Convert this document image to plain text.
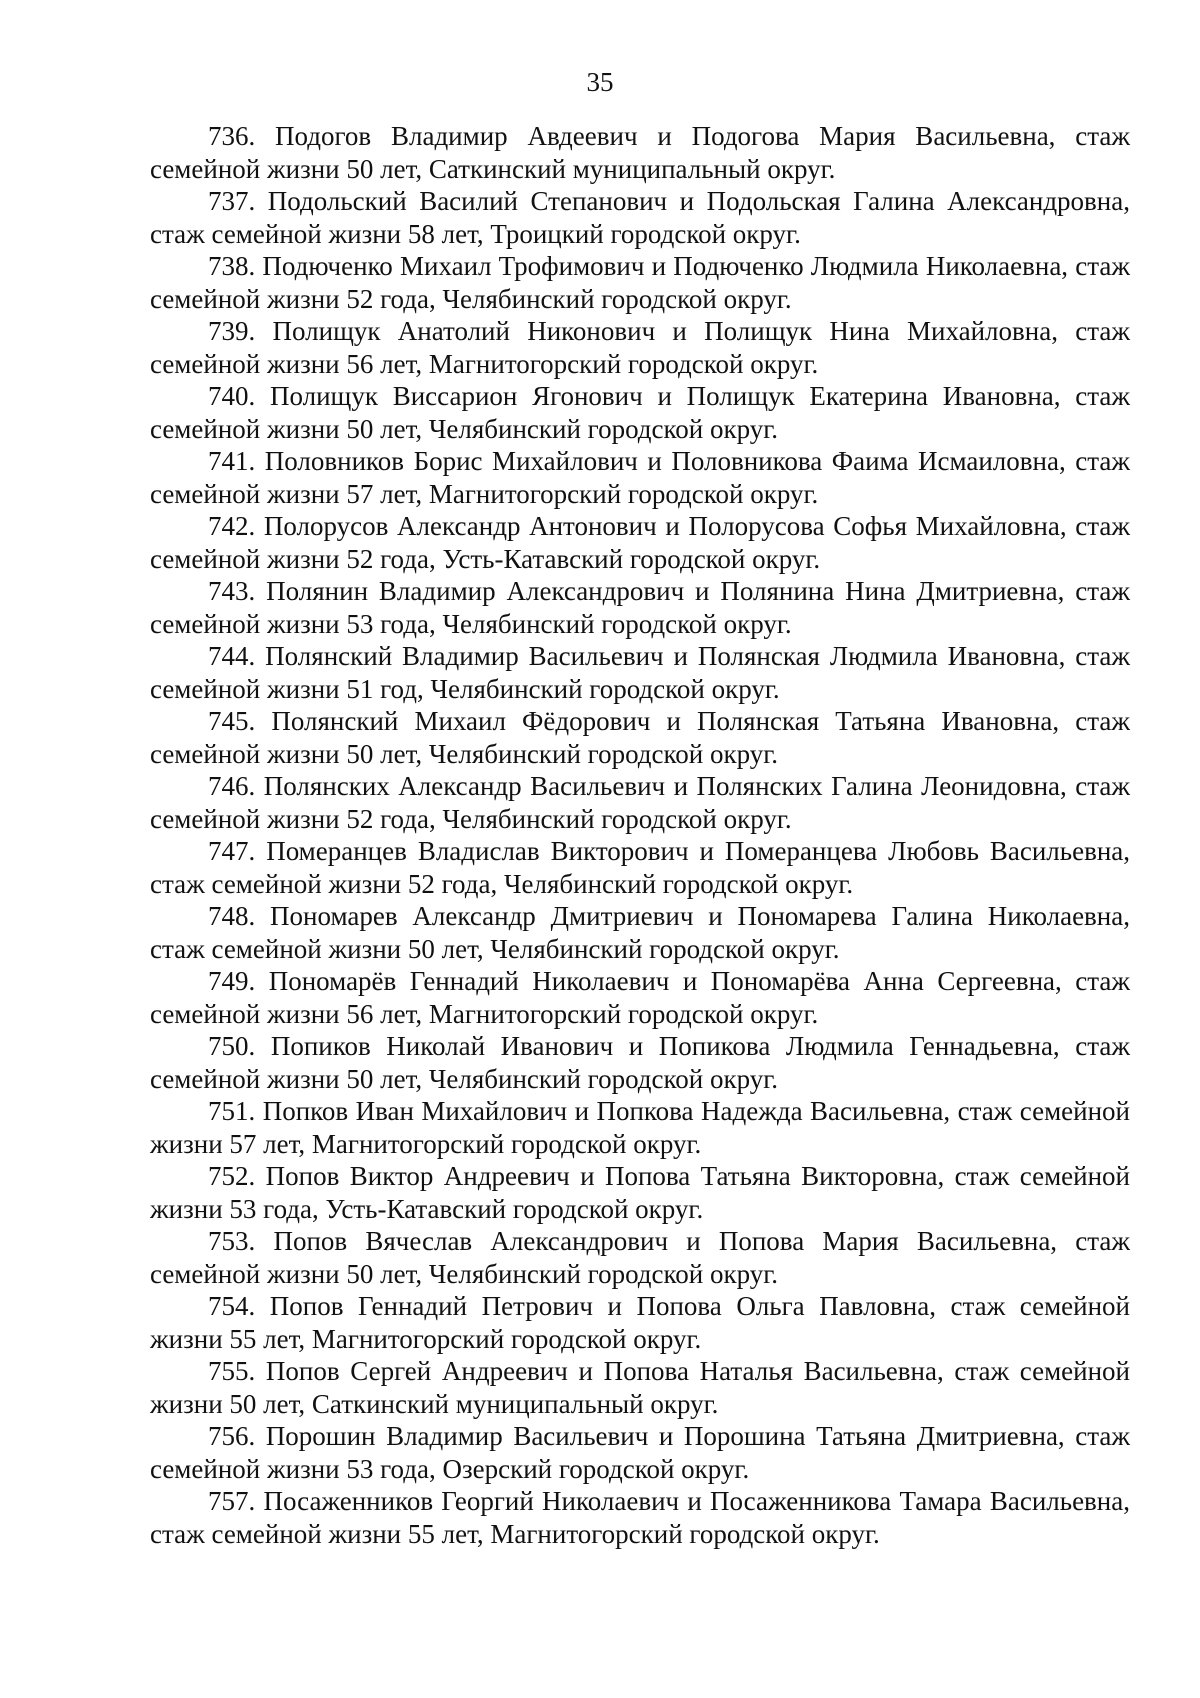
35

736. Подогов Владимир Авдеевич и Подогова Мария Васильевна, стаж семейной жизни 50 лет, Саткинский муниципальный округ.

737. Подольский Василий Степанович и Подольская Галина Александровна, стаж семейной жизни 58 лет, Троицкий городской округ.

738. Подюченко Михаил Трофимович и Подюченко Людмила Николаевна, стаж семейной жизни 52 года, Челябинский городской округ.

739. Полищук Анатолий Никонович и Полищук Нина Михайловна, стаж семейной жизни 56 лет, Магнитогорский городской округ.

740. Полищук Виссарион Ягонович и Полищук Екатерина Ивановна, стаж семейной жизни 50 лет, Челябинский городской округ.

741. Половников Борис Михайлович и Половникова Фаима Исмаиловна, стаж семейной жизни 57 лет, Магнитогорский городской округ.

742. Полорусов Александр Антонович и Полорусова Софья Михайловна, стаж семейной жизни 52 года, Усть-Катавский городской округ.

743. Полянин Владимир Александрович и Полянина Нина Дмитриевна, стаж семейной жизни 53 года, Челябинский городской округ.

744. Полянский Владимир Васильевич и Полянская Людмила Ивановна, стаж семейной жизни 51 год, Челябинский городской округ.

745. Полянский Михаил Фёдорович и Полянская Татьяна Ивановна, стаж семейной жизни 50 лет, Челябинский городской округ.

746. Полянских Александр Васильевич и Полянских Галина Леонидовна, стаж семейной жизни 52 года, Челябинский городской округ.

747. Померанцев Владислав Викторович и Померанцева Любовь Васильевна, стаж семейной жизни 52 года, Челябинский городской округ.

748. Пономарев Александр Дмитриевич и Пономарева Галина Николаевна, стаж семейной жизни 50 лет, Челябинский городской округ.

749. Пономарёв Геннадий Николаевич и Пономарёва Анна Сергеевна, стаж семейной жизни 56 лет, Магнитогорский городской округ.

750. Попиков Николай Иванович и Попикова Людмила Геннадьевна, стаж семейной жизни 50 лет, Челябинский городской округ.

751. Попков Иван Михайлович и Попкова Надежда Васильевна, стаж семейной жизни 57 лет, Магнитогорский городской округ.

752. Попов Виктор Андреевич и Попова Татьяна Викторовна, стаж семейной жизни 53 года, Усть-Катавский городской округ.

753. Попов Вячеслав Александрович и Попова Мария Васильевна, стаж семейной жизни 50 лет, Челябинский городской округ.

754. Попов Геннадий Петрович и Попова Ольга Павловна, стаж семейной жизни 55 лет, Магнитогорский городской округ.

755. Попов Сергей Андреевич и Попова Наталья Васильевна, стаж семейной жизни 50 лет, Саткинский муниципальный округ.

756. Порошин Владимир Васильевич и Порошина Татьяна Дмитриевна, стаж семейной жизни 53 года, Озерский городской округ.

757. Посаженников Георгий Николаевич и Посаженникова Тамара Васильевна, стаж семейной жизни 55 лет, Магнитогорский городской округ.
